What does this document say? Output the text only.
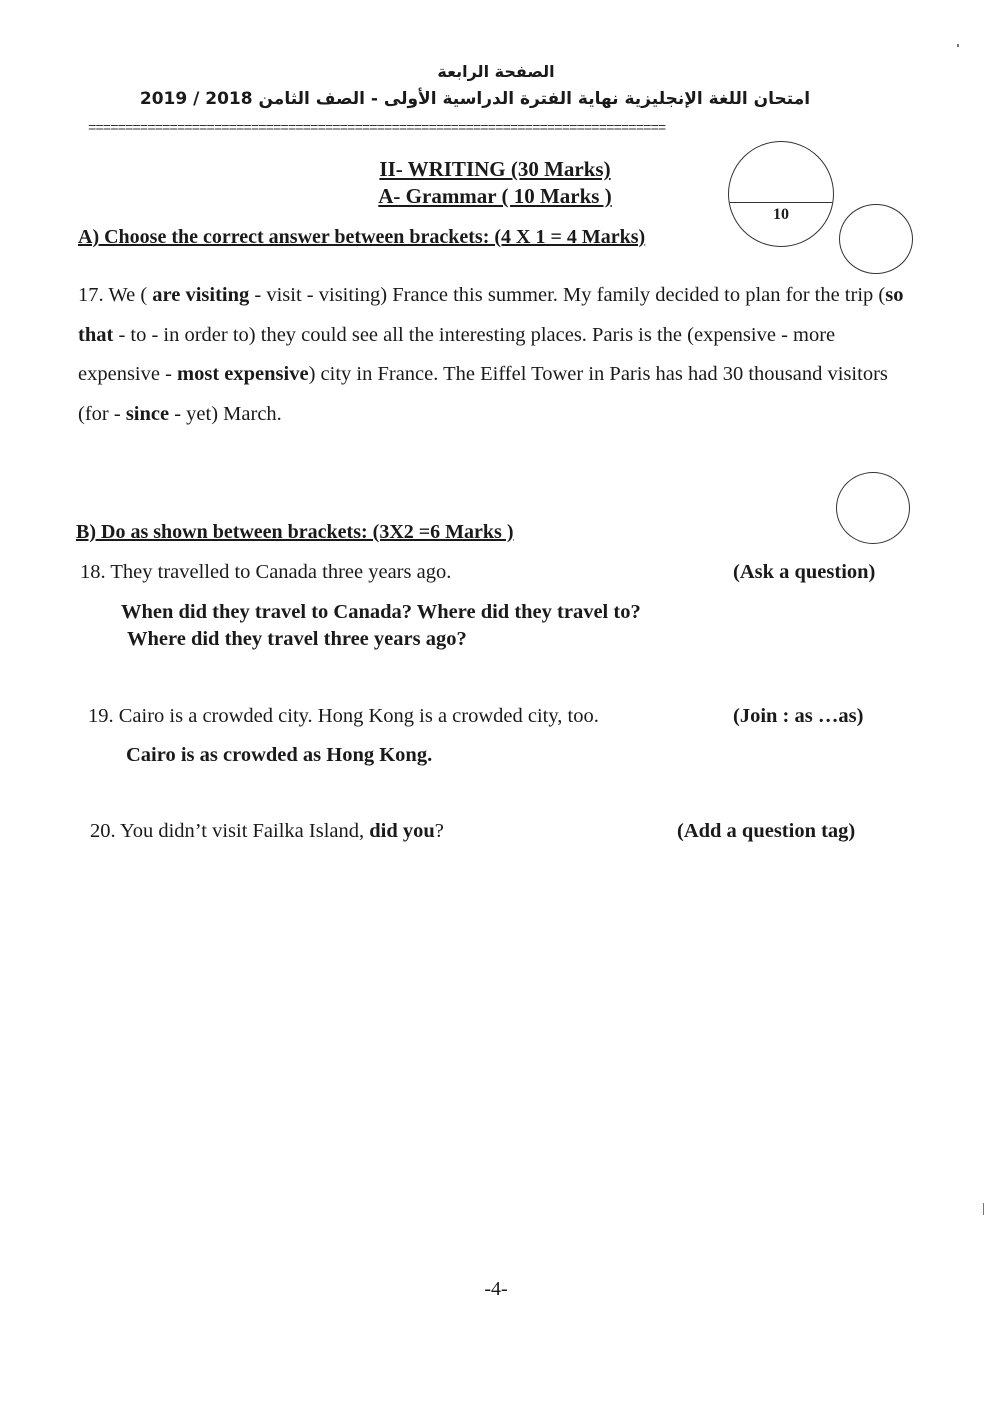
الصفحة الرابعة
امتحان اللغة الإنجليزية نهاية الفترة الدراسية الأولى - الصف الثامن 2018 / 2019
==============================================================================
II- WRITING (30 Marks)
A- Grammar ( 10 Marks )
10
A) Choose the correct answer between brackets: (4 X 1 = 4 Marks)
17. We ( are visiting - visit - visiting) France this summer. My family decided to plan for the trip (so that - to - in order to) they could see all the interesting places. Paris is the (expensive - more expensive - most expensive) city in France. The Eiffel Tower in Paris has had 30 thousand visitors (for - since - yet) March.
B) Do as shown between brackets: (3X2 =6 Marks )
18. They travelled to Canada three years ago.	(Ask a question)
When did they travel to Canada? Where did they travel to?
Where did they travel three years ago?
19. Cairo is a crowded city. Hong Kong is a crowded city, too.	(Join : as …as)
Cairo is as crowded as Hong Kong.
20. You didn’t visit Failka Island, did you?	(Add a question tag)
-4-
